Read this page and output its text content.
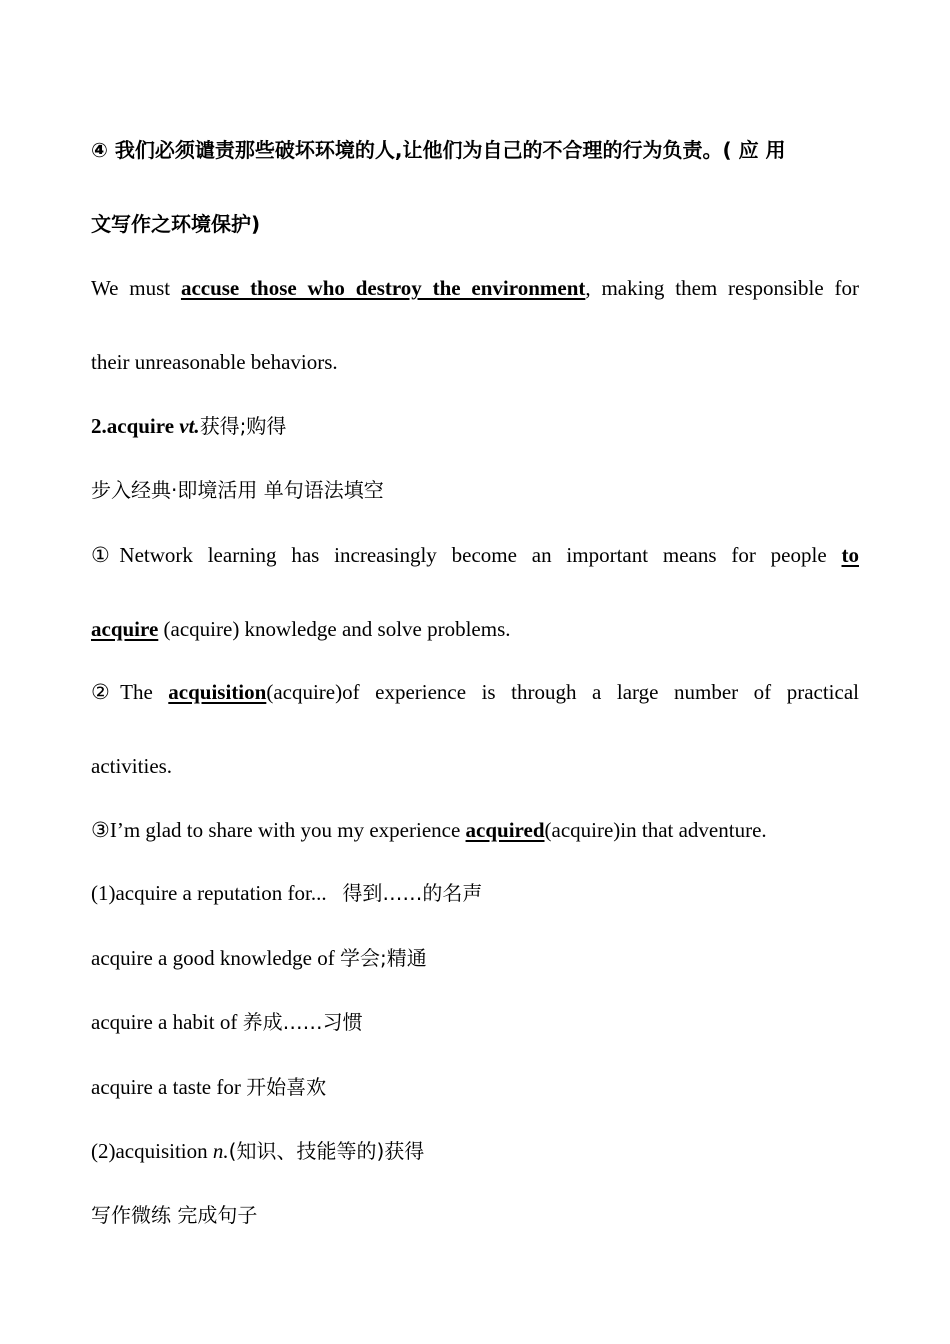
④ 我们必须谴责那些破坏环境的人,让他们为自己的不合理的行为负责。( 应 用
文写作之环境保护)
We must accuse those who destroy the environment, making them responsible for
their unreasonable behaviors.
2.acquire vt.获得;购得
步入经典·即境活用 单句语法填空
①Network learning has increasingly become an important means for people to
acquire (acquire) knowledge and solve problems.
②The acquisition(acquire)of experience is through a large number of practical
activities.
③I’m glad to share with you my experience acquired(acquire)in that adventure.
(1)acquire a reputation for...   得到……的名声
acquire a good knowledge of 学会;精通
acquire a habit of 养成……习惯
acquire a taste for 开始喜欢
(2)acquisition n.(知识、技能等的)获得
写作微练 完成句子
